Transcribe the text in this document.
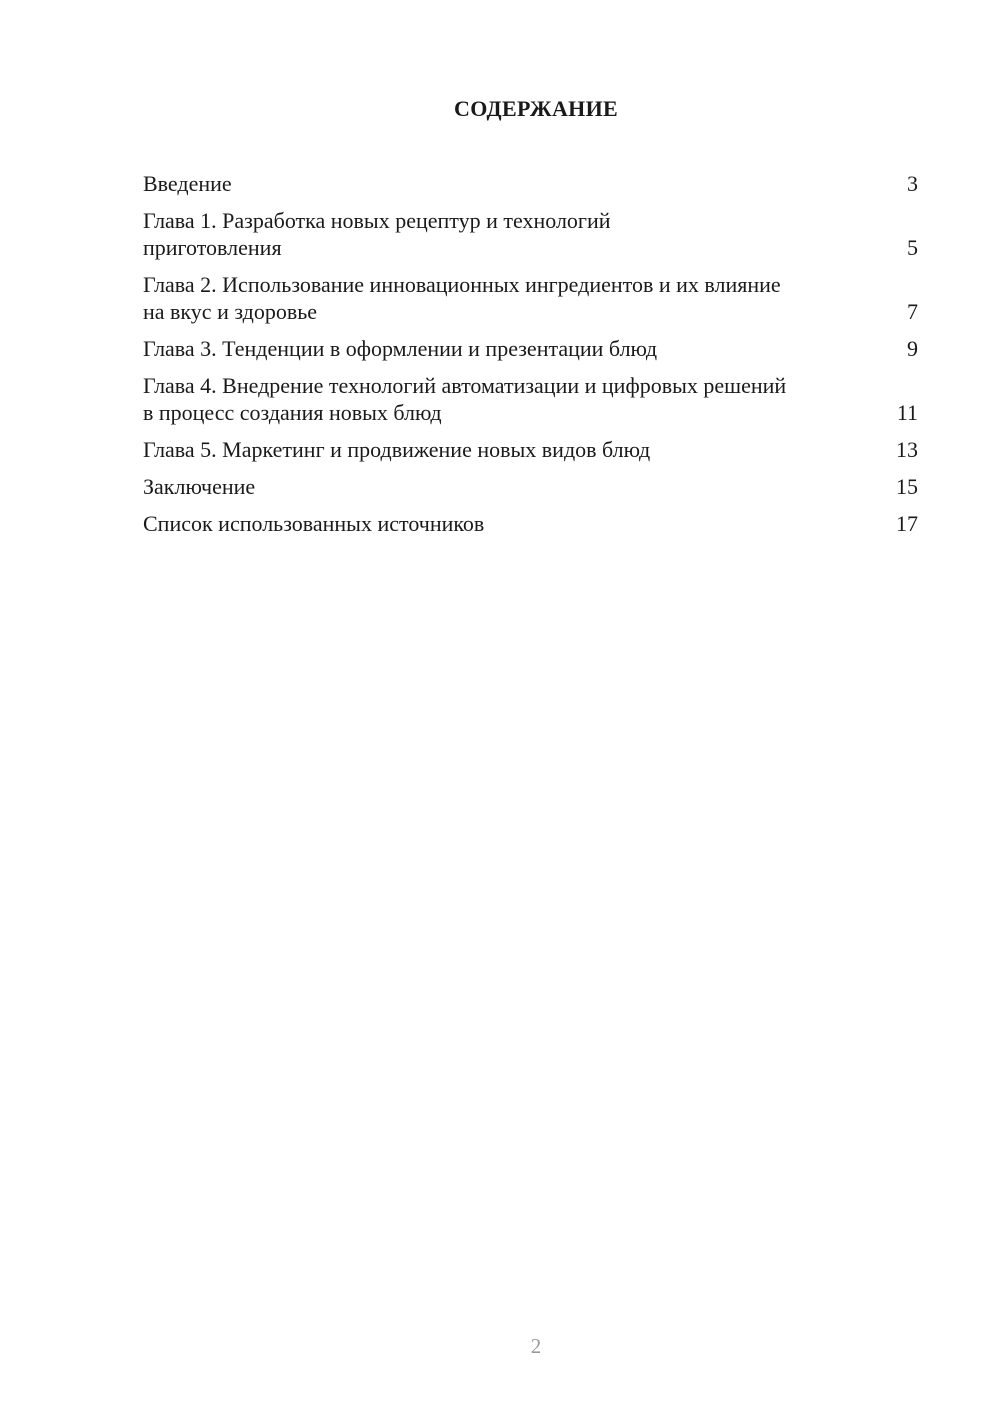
СОДЕРЖАНИЕ
Введение	3
Глава 1. Разработка новых рецептур и технологий приготовления	5
Глава 2. Использование инновационных ингредиентов и их влияние на вкус и здоровье	7
Глава 3. Тенденции в оформлении и презентации блюд	9
Глава 4. Внедрение технологий автоматизации и цифровых решений в процесс создания новых блюд	11
Глава 5. Маркетинг и продвижение новых видов блюд	13
Заключение	15
Список использованных источников	17
2
